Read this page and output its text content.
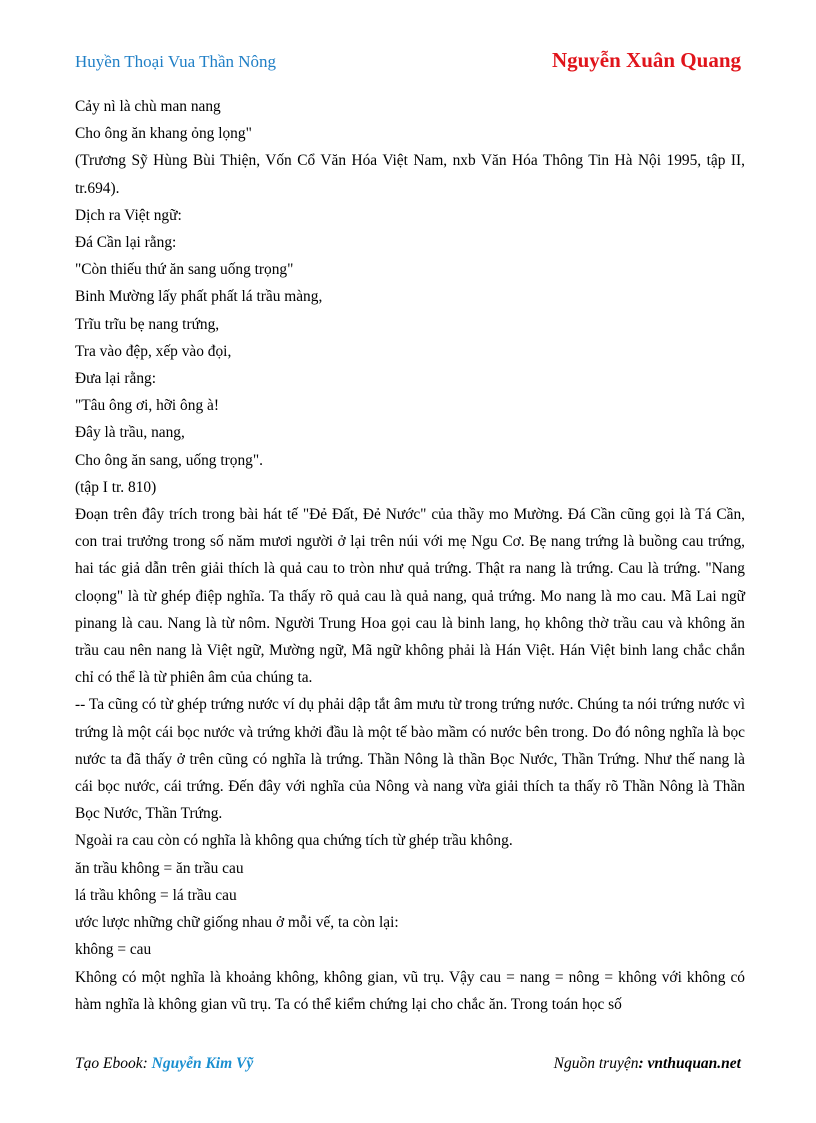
Huyền Thoại Vua Thần Nông	Nguyễn Xuân Quang

Cảy nì là chù man nang

Cho ông ăn khang ỏng lọng"

(Trương Sỹ Hùng Bùi Thiện, Vốn Cổ Văn Hóa Việt Nam, nxb Văn Hóa Thông Tin Hà Nội 1995, tập II, tr.694).

Dịch ra Việt ngữ:

Đá Cần lại rằng:

"Còn thiếu thứ ăn sang uống trọng"

Binh Mường lấy phất phất lá trầu màng,

Trĩu trĩu bẹ nang trứng,

Tra vào đệp, xếp vào đọi,

Đưa lại rằng:

"Tâu ông ơi, hỡi ông à!

Đây là trầu, nang,

Cho ông ăn sang, uống trọng".

(tập I tr. 810)

Đoạn trên đây trích trong bài hát tế "Đẻ Đất, Đẻ Nước" của thầy mo Mường. Đá Cần cũng gọi là Tá Cần, con trai trưởng trong số năm mươi người ở lại trên núi với mẹ Ngu Cơ. Bẹ nang trứng là buồng cau trứng, hai tác giả dẫn trên giải thích là quả cau to tròn như quả trứng. Thật ra nang là trứng. Cau là trứng. "Nang cloọng" là từ ghép điệp nghĩa. Ta thấy rõ quả cau là quả nang, quả trứng. Mo nang là mo cau. Mã Lai ngữ pinang là cau. Nang là từ nôm. Người Trung Hoa gọi cau là binh lang, họ không thờ trầu cau và không ăn trầu cau nên nang là Việt ngữ, Mường ngữ, Mã ngữ không phải là Hán Việt. Hán Việt binh lang chắc chắn chỉ có thể là từ phiên âm của chúng ta.

-- Ta cũng có từ ghép trứng nước ví dụ phải dập tắt âm mưu từ trong trứng nước. Chúng ta nói trứng nước vì trứng là một cái bọc nước và trứng khởi đầu là một tế bào mầm có nước bên trong. Do đó nông nghĩa là bọc nước ta đã thấy ở trên cũng có nghĩa là trứng. Thần Nông là thần Bọc Nước, Thần Trứng. Như thế nang là cái bọc nước, cái trứng. Đến đây với nghĩa của Nông và nang vừa giải thích ta thấy rõ Thần Nông là Thần Bọc Nước, Thần Trứng.

Ngoài ra cau còn có nghĩa là không qua chứng tích từ ghép trầu không.

ăn trầu không = ăn trầu cau

lá trầu không = lá trầu cau

ước lược những chữ giống nhau ở mỗi vế, ta còn lại:

không = cau

Không có một nghĩa là khoảng không, không gian, vũ trụ. Vậy cau = nang = nông = không với không có hàm nghĩa là không gian vũ trụ. Ta có thể kiểm chứng lại cho chắc ăn. Trong toán học số

Tạo Ebook: Nguyễn Kim Vỹ	Nguồn truyện: vnthuquan.net
